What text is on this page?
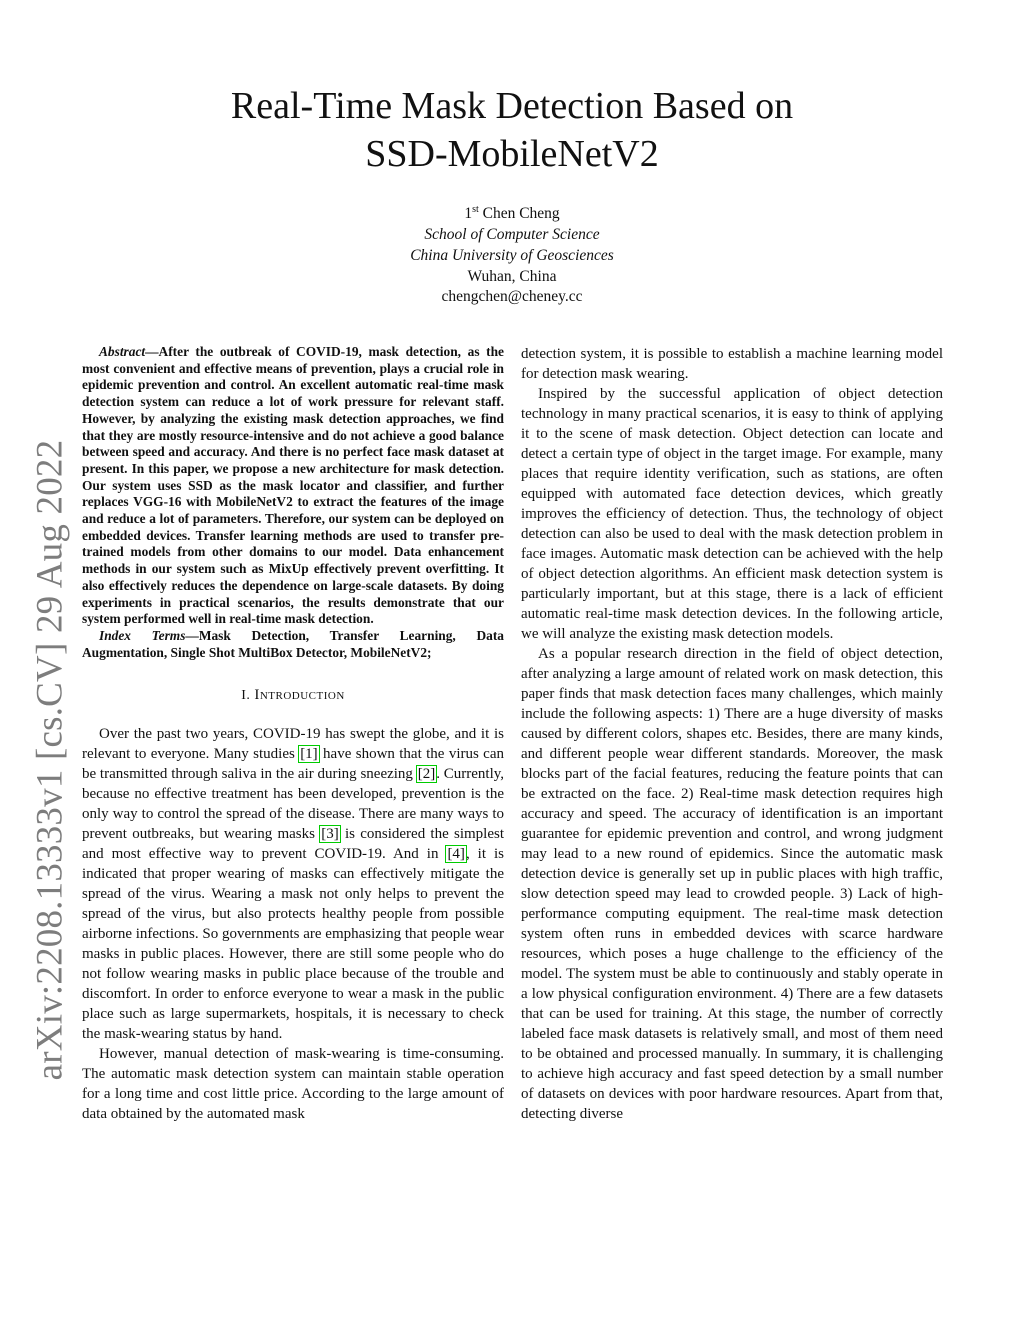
arXiv:2208.13333v1 [cs.CV] 29 Aug 2022
Real-Time Mask Detection Based on
SSD-MobileNetV2
1st Chen Cheng
School of Computer Science
China University of Geosciences
Wuhan, China
chengchen@cheney.cc

Abstract—After the outbreak of COVID-19, mask detection, as the most convenient and effective means of prevention, plays a crucial role in epidemic prevention and control. An excellent automatic real-time mask detection system can reduce a lot of work pressure for relevant staff. However, by analyzing the existing mask detection approaches, we find that they are mostly resource-intensive and do not achieve a good balance between speed and accuracy. And there is no perfect face mask dataset at present. In this paper, we propose a new architecture for mask detection. Our system uses SSD as the mask locator and classifier, and further replaces VGG-16 with MobileNetV2 to extract the features of the image and reduce a lot of parameters. Therefore, our system can be deployed on embedded devices. Transfer learning methods are used to transfer pre-trained models from other domains to our model. Data enhancement methods in our system such as MixUp effectively prevent overfitting. It also effectively reduces the dependence on large-scale datasets. By doing experiments in practical scenarios, the results demonstrate that our system performed well in real-time mask detection.

Index Terms—Mask Detection, Transfer Learning, Data Augmentation, Single Shot MultiBox Detector, MobileNetV2;

I. Introduction

Over the past two years, COVID-19 has swept the globe, and it is relevant to everyone. Many studies [1] have shown that the virus can be transmitted through saliva in the air during sneezing [2]. Currently, because no effective treatment has been developed, prevention is the only way to control the spread of the disease. There are many ways to prevent outbreaks, but wearing masks [3] is considered the simplest and most effective way to prevent COVID-19. And in [4], it is indicated that proper wearing of masks can effectively mitigate the spread of the virus. Wearing a mask not only helps to prevent the spread of the virus, but also protects healthy people from possible airborne infections. So governments are emphasizing that people wear masks in public places. However, there are still some people who do not follow wearing masks in public place because of the trouble and discomfort. In order to enforce everyone to wear a mask in the public place such as large supermarkets, hospitals, it is necessary to check the mask-wearing status by hand.

However, manual detection of mask-wearing is time-consuming. The automatic mask detection system can maintain stable operation for a long time and cost little price. According to the large amount of data obtained by the automated mask

detection system, it is possible to establish a machine learning model for detection mask wearing.

Inspired by the successful application of object detection technology in many practical scenarios, it is easy to think of applying it to the scene of mask detection. Object detection can locate and detect a certain type of object in the target image. For example, many places that require identity verification, such as stations, are often equipped with automated face detection devices, which greatly improves the efficiency of detection. Thus, the technology of object detection can also be used to deal with the mask detection problem in face images. Automatic mask detection can be achieved with the help of object detection algorithms. An efficient mask detection system is particularly important, but at this stage, there is a lack of efficient automatic real-time mask detection devices. In the following article, we will analyze the existing mask detection models.

As a popular research direction in the field of object detection, after analyzing a large amount of related work on mask detection, this paper finds that mask detection faces many challenges, which mainly include the following aspects: 1) There are a huge diversity of masks caused by different colors, shapes etc. Besides, there are many kinds, and different people wear different standards. Moreover, the mask blocks part of the facial features, reducing the feature points that can be extracted on the face. 2) Real-time mask detection requires high accuracy and speed. The accuracy of identification is an important guarantee for epidemic prevention and control, and wrong judgment may lead to a new round of epidemics. Since the automatic mask detection device is generally set up in public places with high traffic, slow detection speed may lead to crowded people. 3) Lack of high-performance computing equipment. The real-time mask detection system often runs in embedded devices with scarce hardware resources, which poses a huge challenge to the efficiency of the model. The system must be able to continuously and stably operate in a low physical configuration environment. 4) There are a few datasets that can be used for training. At this stage, the number of correctly labeled face mask datasets is relatively small, and most of them need to be obtained and processed manually. In summary, it is challenging to achieve high accuracy and fast speed detection by a small number of datasets on devices with poor hardware resources. Apart from that, detecting diverse
